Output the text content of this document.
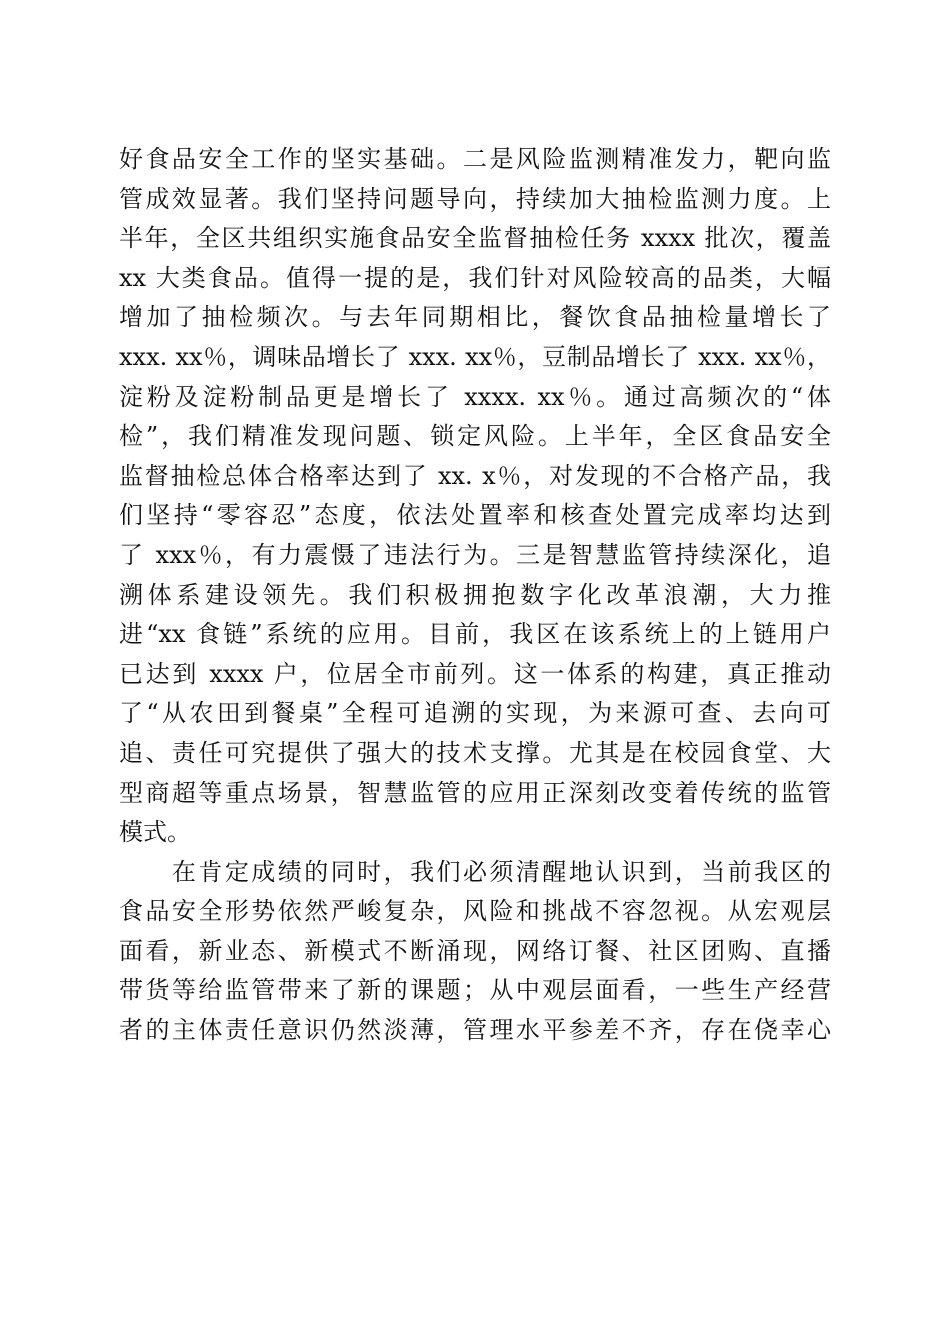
好食品安全工作的坚实基础。二是风险监测精准发力，靶向监
管成效显著。我们坚持问题导向，持续加大抽检监测力度。上
半年，全区共组织实施食品安全监督抽检任务 xxxx 批次，覆盖
xx 大类食品。值得一提的是，我们针对风险较高的品类，大幅
增加了抽检频次。与去年同期相比，餐饮食品抽检量增长了
xxx. xx％，调味品增长了 xxx. xx％，豆制品增长了 xxx. xx％，
淀粉及淀粉制品更是增长了 xxxx. xx％。通过高频次的“体
检”，我们精准发现问题、锁定风险。上半年，全区食品安全
监督抽检总体合格率达到了 xx. x％，对发现的不合格产品，我
们坚持“零容忍”态度，依法处置率和核查处置完成率均达到
了 xxx％，有力震慑了违法行为。三是智慧监管持续深化，追
溯体系建设领先。我们积极拥抱数字化改革浪潮，大力推
进“xx 食链”系统的应用。目前，我区在该系统上的上链用户
已达到 xxxx 户，位居全市前列。这一体系的构建，真正推动
了“从农田到餐桌”全程可追溯的实现，为来源可查、去向可
追、责任可究提供了强大的技术支撑。尤其是在校园食堂、大
型商超等重点场景，智慧监管的应用正深刻改变着传统的监管
模式。
　　在肯定成绩的同时，我们必须清醒地认识到，当前我区的
食品安全形势依然严峻复杂，风险和挑战不容忽视。从宏观层
面看，新业态、新模式不断涌现，网络订餐、社区团购、直播
带货等给监管带来了新的课题；从中观层面看，一些生产经营
者的主体责任意识仍然淡薄，管理水平参差不齐，存在侥幸心
